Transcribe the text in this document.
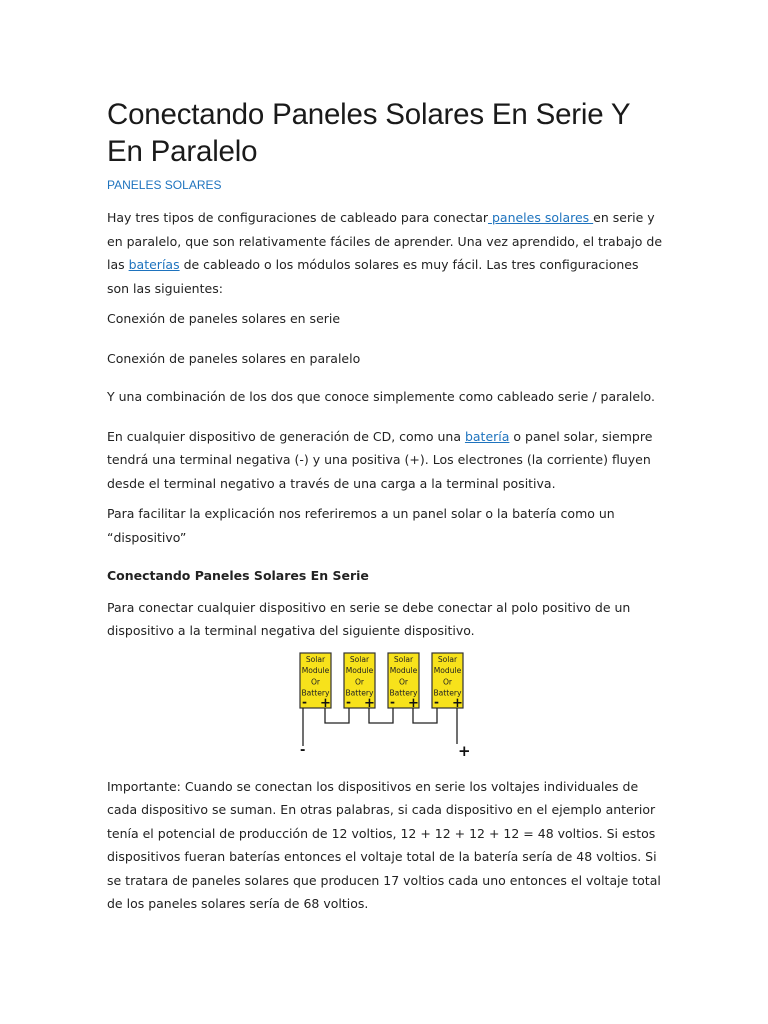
Conectando Paneles Solares En Serie Y En Paralelo
PANELES SOLARES

Hay tres tipos de configuraciones de cableado para conectar paneles solares en serie y en paralelo, que son relativamente fáciles de aprender. Una vez aprendido, el trabajo de las baterías de cableado o los módulos solares es muy fácil. Las tres configuraciones son las siguientes:

Conexión de paneles solares en serie

Conexión de paneles solares en paralelo

Y una combinación de los dos que conoce simplemente como cableado serie / paralelo.

En cualquier dispositivo de generación de CD, como una batería o panel solar, siempre tendrá una terminal negativa (-) y una positiva (+). Los electrones (la corriente) fluyen desde el terminal negativo a través de una carga a la terminal positiva.

Para facilitar la explicación nos referiremos a un panel solar o la batería como un “dispositivo”

Conectando Paneles Solares En Serie

Para conectar cualquier dispositivo en serie se debe conectar al polo positivo de un dispositivo a la terminal negativa del siguiente dispositivo.

Solar
Module
Or
Battery
- +
Solar
Module
Or
Battery
- +
Solar
Module
Or
Battery
- +
Solar
Module
Or
Battery
- +
-	+

Importante: Cuando se conectan los dispositivos en serie los voltajes individuales de cada dispositivo se suman. En otras palabras, si cada dispositivo en el ejemplo anterior tenía el potencial de producción de 12 voltios, 12 + 12 + 12 + 12 = 48 voltios. Si estos dispositivos fueran baterías entonces el voltaje total de la batería sería de 48 voltios. Si se tratara de paneles solares que producen 17 voltios cada uno entonces el voltaje total de los paneles solares sería de 68 voltios.
